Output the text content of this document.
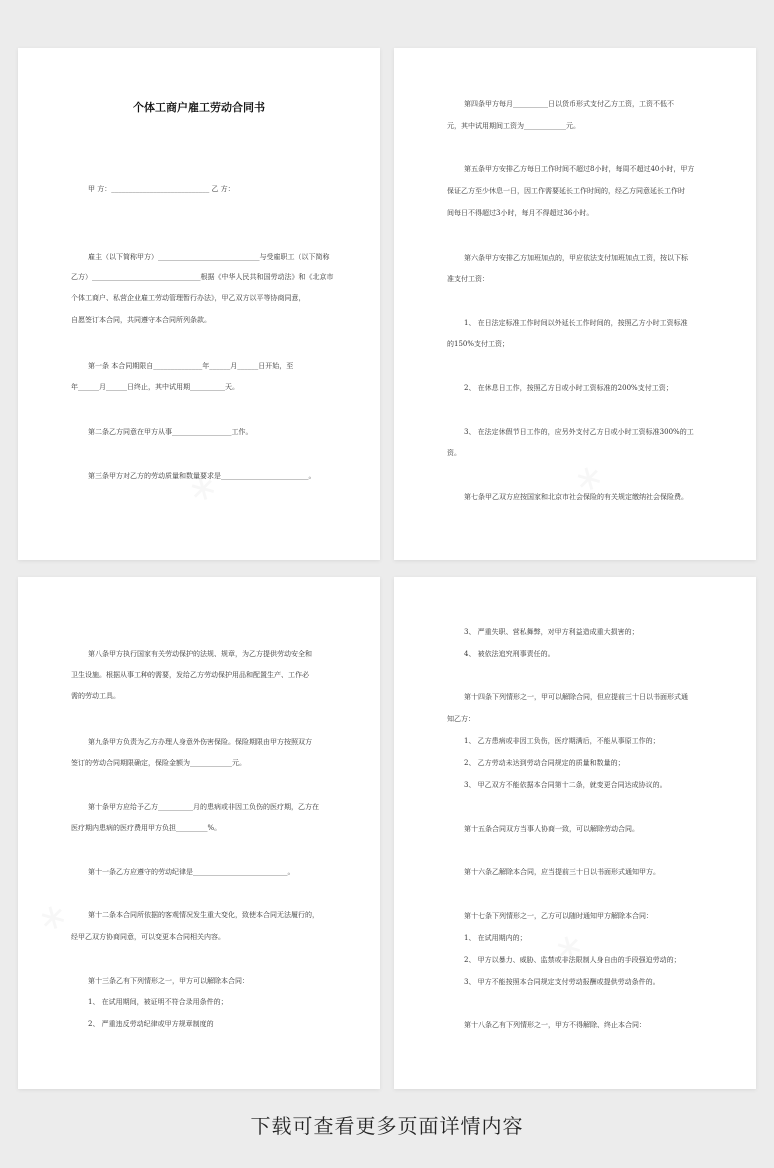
个体工商户雇工劳动合同书
甲 方：____________________________ 乙 方：
雇主（以下简称甲方）_____________________________与受雇职工（以下简称
乙方）_______________________________根据《中华人民共和国劳动法》和《北京市
个体工商户、私营企业雇工劳动管理暂行办法》，甲乙双方以平等协商同意，
自愿签订本合同，共同遵守本合同所列条款。
第一条 本合同期限自______________年______月______日开始，至
年______月______日终止，其中试用期__________天。
第二条乙方同意在甲方从事_________________工作。
第三条甲方对乙方的劳动质量和数量要求是_________________________。
第四条甲方每月__________日以货币形式支付乙方工资，工资不低不
元，其中试用期间工资为____________元。
第五条甲方安排乙方每日工作时间不超过8小时，每周不超过40小时，甲方
保证乙方至少休息一日，因工作需要延长工作时间的，经乙方同意延长工作时
间每日不得超过3小时，每月不得超过36小时。
第六条甲方安排乙方加班加点的，甲应依法支付加班加点工资，按以下标
准支付工资：
1、 在日法定标准工作时间以外延长工作时间的，按照乙方小时工资标准
的150%支付工资；
2、 在休息日工作，按照乙方日或小时工资标准的200%支付工资；
3、 在法定休假节日工作的，应另外支付乙方日或小时工资标准300%的工
资。
第七条甲乙双方应按国家和北京市社会保险的有关规定缴纳社会保险费。
第八条甲方执行国家有关劳动保护的法规、规章，为乙方提供劳动安全和
卫生设施。根据从事工种的需要，发给乙方劳动保护用品和配置生产、工作必
需的劳动工具。
第九条甲方负责为乙方办理人身意外伤害保险。保险期限由甲方按照双方
签订的劳动合同期限确定，保险金额为____________元。
第十条甲方应给予乙方__________月的患病或非因工负伤的医疗期，乙方在
医疗期内患病的医疗费用甲方负担_________%。
第十一条乙方应遵守的劳动纪律是___________________________。
第十二条本合同所依据的客观情况发生重大变化，致使本合同无法履行的，
经甲乙双方协商同意，可以变更本合同相关内容。
第十三条乙有下列情形之一，甲方可以解除本合同：
1、 在试用期间，被证明不符合录用条件的；
2、 严重违反劳动纪律或甲方规章制度的
3、 严重失职、营私舞弊，对甲方利益造成重大损害的；
4、 被依法追究刑事责任的。
第十四条下列情形之一，甲可以解除合同，但应提前三十日以书面形式通
知乙方：
1、 乙方患病或非因工负伤，医疗期满后，不能从事原工作的；
2、 乙方劳动未达到劳动合同规定的质量和数量的；
3、 甲乙双方不能依据本合同第十二条，就变更合同达成协议的。
第十五条合同双方当事人协商一致，可以解除劳动合同。
第十六条乙解除本合同，应当提前三十日以书面形式通知甲方。
第十七条下列情形之一，乙方可以随时通知甲方解除本合同：
1、 在试用期内的；
2、 甲方以暴力、威胁、监禁或非法限制人身自由的手段强迫劳动的；
3、 甲方不能按照本合同规定支付劳动报酬或提供劳动条件的。
第十八条乙有下列情形之一，甲方不得解除、终止本合同：
下载可查看更多页面详情内容
